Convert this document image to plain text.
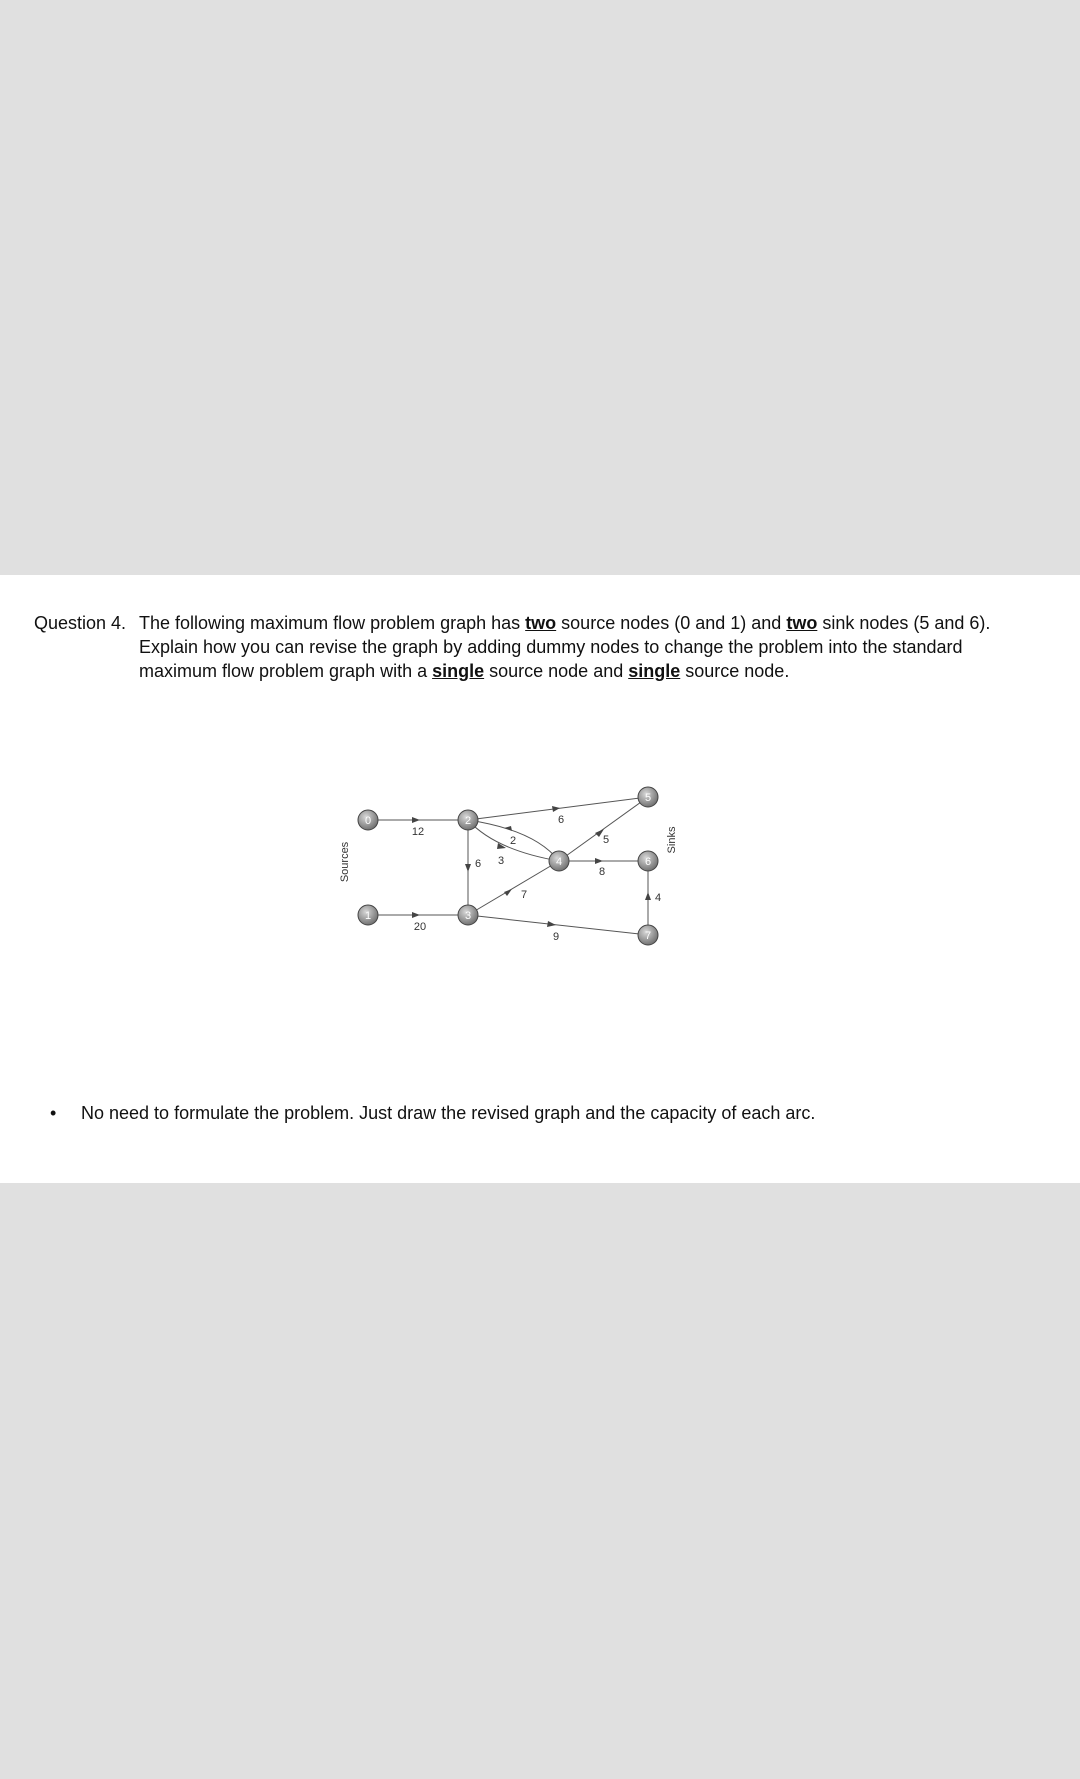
Question 4. The following maximum flow problem graph has two source nodes (0 and 1) and two sink nodes (5 and 6).
Explain how you can revise the graph by adding dummy nodes to change the problem into the standard
maximum flow problem graph with a single source node and single source node.
Sources
Sinks
12
20
6 3
2
6
7
5
8
9
4
0
1
2
3
4
5
6
7
• No need to formulate the problem. Just draw the revised graph and the capacity of each arc.
